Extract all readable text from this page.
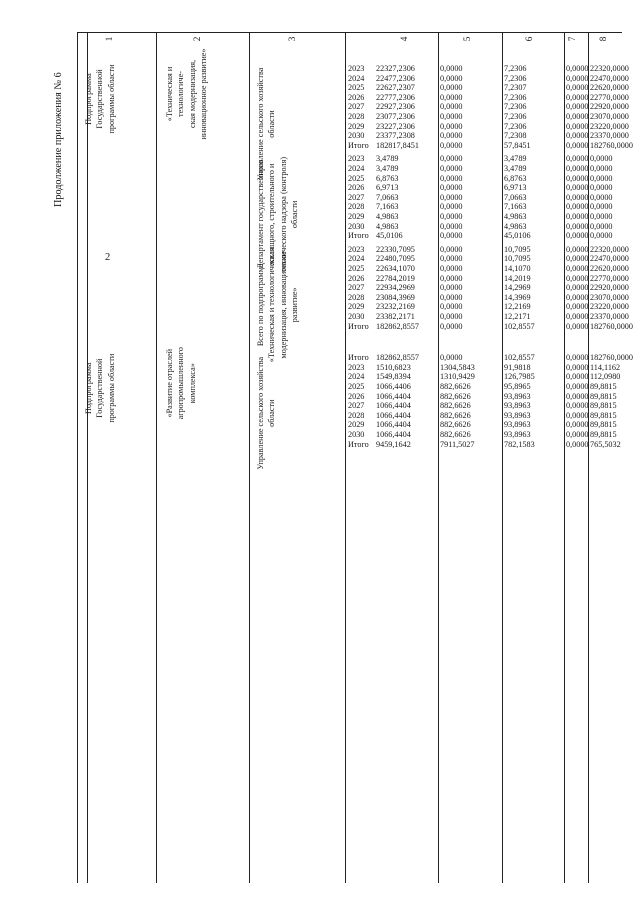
2
Продолжение приложения № 6
1	2	3	4	5	6	7 8
Подпрограмма
Государственной
программы области	«Техническая и технологиче-
ская модернизация,
инновационное развитие»
Управление сельского хозяйства
области
2023 22327,2306	0,0000	7,2306	0,0000 22320,0000
2024 22477,2306	0,0000	7,2306	0,0000 22470,0000
2025 22627,2307	0,0000	7,2307	0,0000 22620,0000
2026 22777,2306	0,0000	7,2306	0,0000 22770,0000
2027 22927,2306	0,0000	7,2306	0,0000 22920,0000
2028 23077,2306	0,0000	7,2306	0,0000 23070,0000
2029 23227,2306	0,0000	7,2306	0,0000 23220,0000
2030 23377,2308	0,0000	7,2308	0,0000 23370,0000
Итого 182817,8451	0,0000	57,8451	0,0000 182760,0000
Департамент государственного
жилищного, строительного и
технического надзора (контроля)
области
2023 3,4789	0,0000	3,4789	0,0000 0,0000
2024 3,4789	0,0000	3,4789	0,0000 0,0000
2025 6,8763	0,0000	6,8763	0,0000 0,0000
2026 6,9713	0,0000	6,9713	0,0000 0,0000
2027 7,0663	0,0000	7,0663	0,0000 0,0000
2028 7,1663	0,0000	7,1663	0,0000 0,0000
2029 4,9863	0,0000	4,9863	0,0000 0,0000
2030 4,9863	0,0000	4,9863	0,0000 0,0000
Итого 45,0106	0,0000	45,0106	0,0000 0,0000
Всего по подпрограмме
«Техническая и технологическая
модернизация, инновационное
развитие»
2023 22330,7095	0,0000	10,7095	0,0000 22320,0000
2024 22480,7095	0,0000	10,7095	0,0000 22470,0000
2025 22634,1070	0,0000	14,1070	0,0000 22620,0000
2026 22784,2019	0,0000	14,2019	0,0000 22770,0000
2027 22934,2969	0,0000	14,2969	0,0000 22920,0000
2028 23084,3969	0,0000	14,3969	0,0000 23070,0000
2029 23232,2169	0,0000	12,2169	0,0000 23220,0000
2030 23382,2171	0,0000	12,2171	0,0000 23370,0000
Итого 182862,8557	0,0000	102,8557	0,0000 182760,0000
Подпрограмма
Государственной
программы области
«Развитие отраслей
агропромышленного
комплекса»
Управление сельского хозяйства
области
Итого 182862,8557	0,0000	102,8557	0,0000 182760,0000
2023 1510,6823	1304,5843	91,9818	0,0000 114,1162
2024 1549,8394	1310,9429	126,7985	0,0000 112,0980
2025 1066,4406	882,6626	95,8965	0,0000 89,8815
2026 1066,4404	882,6626	93,8963	0,0000 89,8815
2027 1066,4404	882,6626	93,8963	0,0000 89,8815
2028 1066,4404	882,6626	93,8963	0,0000 89,8815
2029 1066,4404	882,6626	93,8963	0,0000 89,8815
2030 1066,4404	882,6626	93,8963	0,0000 89,8815
Итого 9459,1642	7911,5027	782,1583	0,0000 765,5032
